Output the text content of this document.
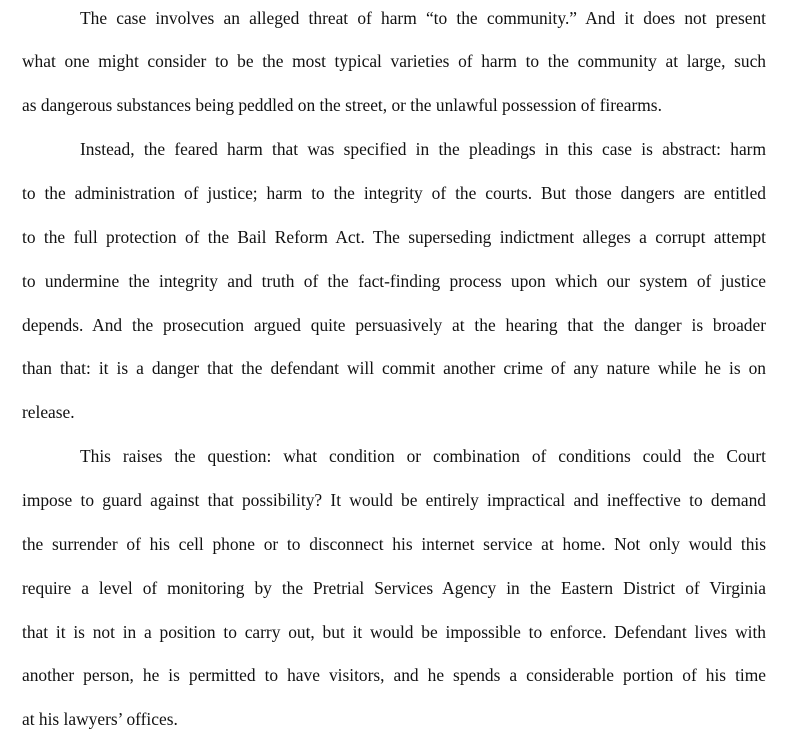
The case involves an alleged threat of harm “to the community.” And it does not present
what one might consider to be the most typical varieties of harm to the community at large, such
as dangerous substances being peddled on the street, or the unlawful possession of firearms.
Instead, the feared harm that was specified in the pleadings in this case is abstract: harm
to the administration of justice; harm to the integrity of the courts. But those dangers are entitled
to the full protection of the Bail Reform Act. The superseding indictment alleges a corrupt attempt
to undermine the integrity and truth of the fact-finding process upon which our system of justice
depends. And the prosecution argued quite persuasively at the hearing that the danger is broader
than that: it is a danger that the defendant will commit another crime of any nature while he is on
release.
This raises the question: what condition or combination of conditions could the Court
impose to guard against that possibility? It would be entirely impractical and ineffective to demand
the surrender of his cell phone or to disconnect his internet service at home. Not only would this
require a level of monitoring by the Pretrial Services Agency in the Eastern District of Virginia
that it is not in a position to carry out, but it would be impossible to enforce. Defendant lives with
another person, he is permitted to have visitors, and he spends a considerable portion of his time
at his lawyers’ offices.
